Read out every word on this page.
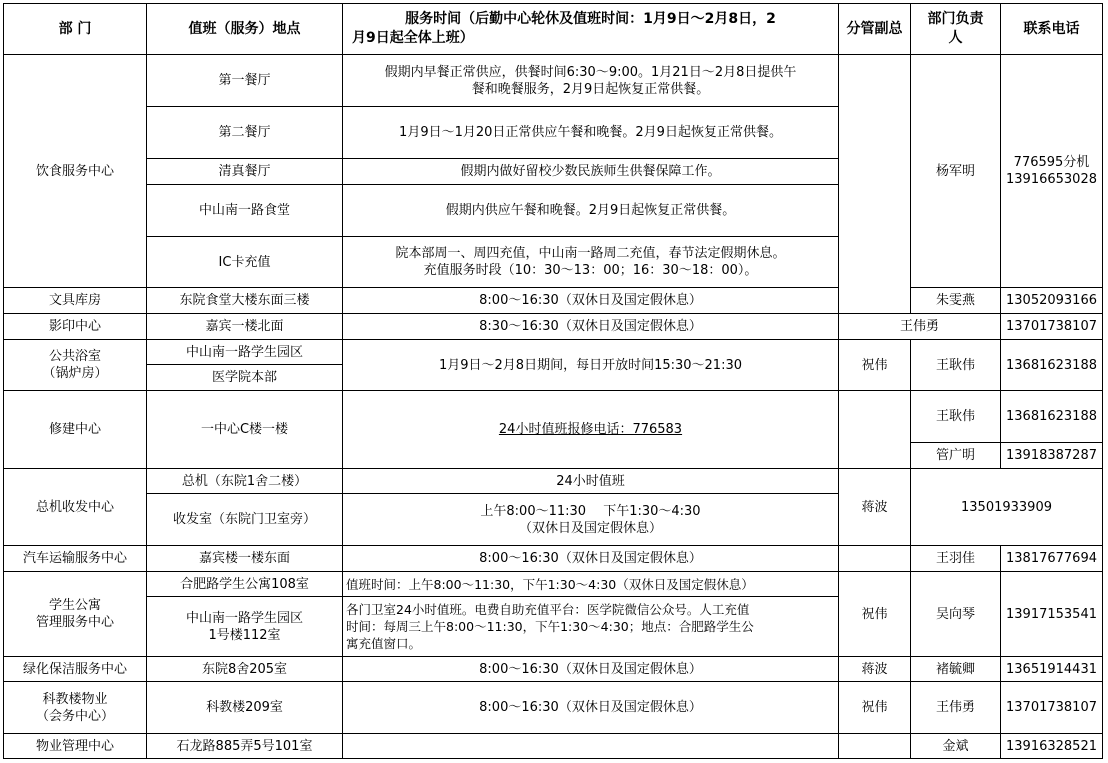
部 门	值班（服务）地点	服务时间（后勤中心轮休及值班时间：1月9日～2月8日，2
月9日起全体上班）	分管副总	部门负责
人	联系电话
饮食服务中心	第一餐厅	假期内早餐正常供应，供餐时间6:30～9:00。1月21日～2月8日提供午
餐和晚餐服务，2月9日起恢复正常供餐。		杨军明	776595分机
13916653028

	第二餐厅	1月9日～1月20日正常供应午餐和晚餐。2月9日起恢复正常供餐。			
	清真餐厅	假期内做好留校少数民族师生供餐保障工作。			
	中山南一路食堂	假期内供应午餐和晚餐。2月9日起恢复正常供餐。			
	IC卡充值	院本部周一、周四充值，中山南一路周二充值，春节法定假期休息。
充值服务时段（10：30～13：00；16：30～18：00）。			

文具库房	东院食堂大楼东面三楼	8:00～16:30（双休日及国定假休息）		朱雯燕	13052093166
影印中心	嘉宾一楼北面	8:30～16:30（双休日及国定假休息）	王伟勇		13701738107

公共浴室
（锅炉房）	中山南一路学生园区	1月9日～2月8日期间，每日开放时间15:30～21:30	祝伟	王耿伟	13681623188
	医学院本部				
修建中心	一中心C楼一楼	24小时值班报修电话：776583		王耿伟	13681623188
				管广明	13918387287
总机收发中心	总机（东院1舍二楼）	24小时值班	蒋波	13501933909	
	收发室（东院门卫室旁）	上午8:00～11:30　 下午1:30～4:30
（双休日及国定假休息）			

汽车运输服务中心	嘉宾楼一楼东面	8:00～16:30（双休日及国定假休息）		王羽佳	13817677694

学生公寓
管理服务中心	合肥路学生公寓108室	值班时间：上午8:00～11:30，下午1:30～4:30（双休日及国定假休息）	祝伟	吴向琴	13917153541

	中山南一路学生园区
1号楼112室	各门卫室24小时值班。电费自助充值平台：医学院微信公众号。人工充值
时间：每周三上午8:00～11:30，下午1:30～4:30；地点：合肥路学生公
寓充值窗口。			

绿化保洁服务中心	东院8舍205室	8:00～16:30（双休日及国定假休息）	蒋波	褚毓卿	13651914431

科教楼物业
（会务中心）	科教楼209室	8:00～16:30（双休日及国定假休息）	祝伟	王伟勇	13701738107
物业管理中心	石龙路885弄5号101室			金斌	13916328521
